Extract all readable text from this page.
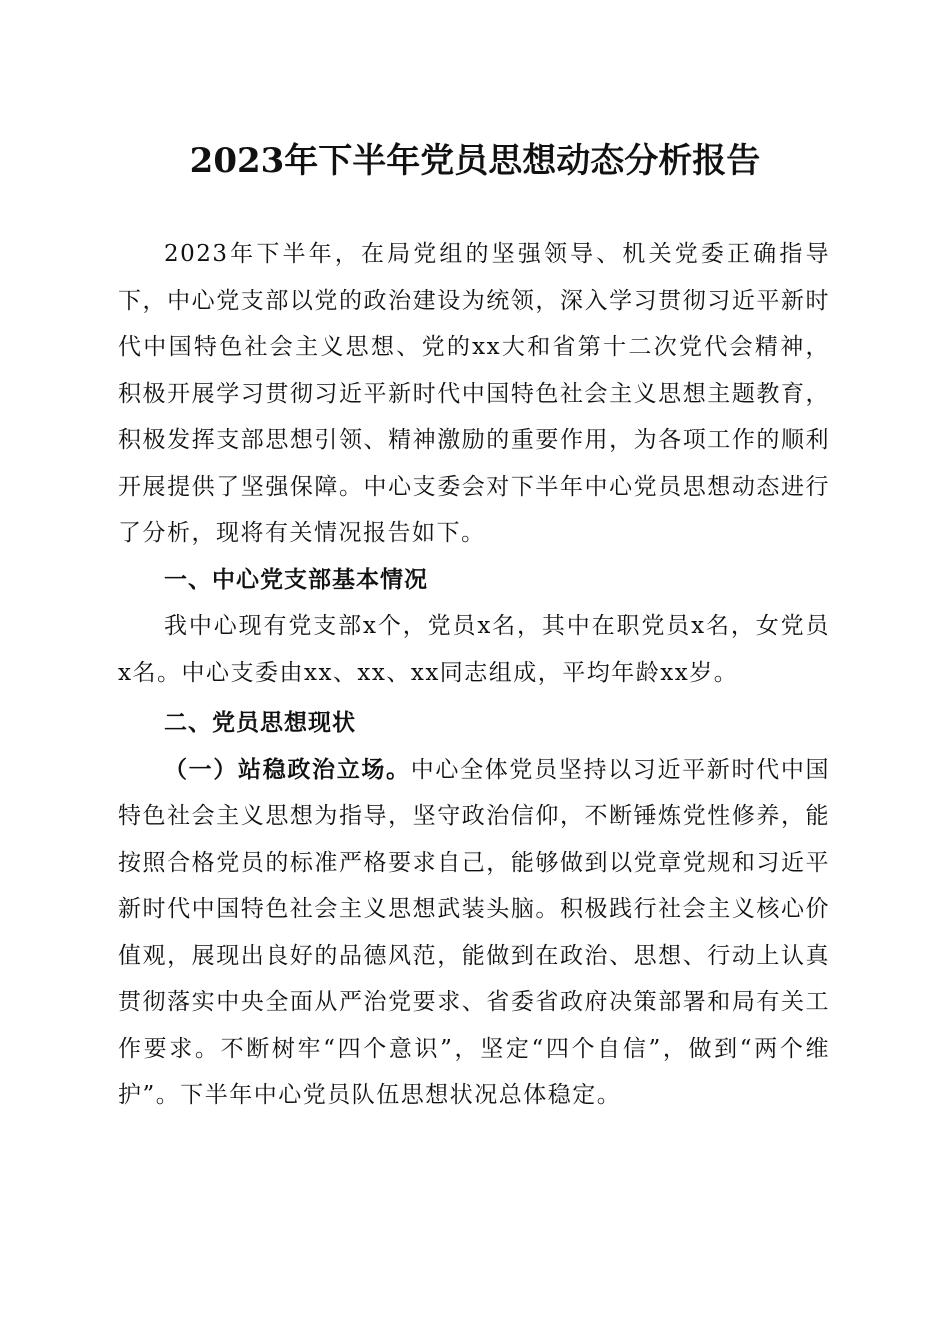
2023年下半年党员思想动态分析报告

2023年下半年，在局党组的坚强领导、机关党委正确指导下，中心党支部以党的政治建设为统领，深入学习贯彻习近平新时代中国特色社会主义思想、党的xx大和省第十二次党代会精神，积极开展学习贯彻习近平新时代中国特色社会主义思想主题教育，积极发挥支部思想引领、精神激励的重要作用，为各项工作的顺利开展提供了坚强保障。中心支委会对下半年中心党员思想动态进行了分析，现将有关情况报告如下。

一、中心党支部基本情况

我中心现有党支部x个，党员x名，其中在职党员x名，女党员x名。中心支委由xx、xx、xx同志组成，平均年龄xx岁。

二、党员思想现状

（一）站稳政治立场。中心全体党员坚持以习近平新时代中国特色社会主义思想为指导，坚守政治信仰，不断锤炼党性修养，能按照合格党员的标准严格要求自己，能够做到以党章党规和习近平新时代中国特色社会主义思想武装头脑。积极践行社会主义核心价值观，展现出良好的品德风范，能做到在政治、思想、行动上认真贯彻落实中央全面从严治党要求、省委省政府决策部署和局有关工作要求。不断树牢“四个意识”，坚定“四个自信”，做到“两个维护”。下半年中心党员队伍思想状况总体稳定。
